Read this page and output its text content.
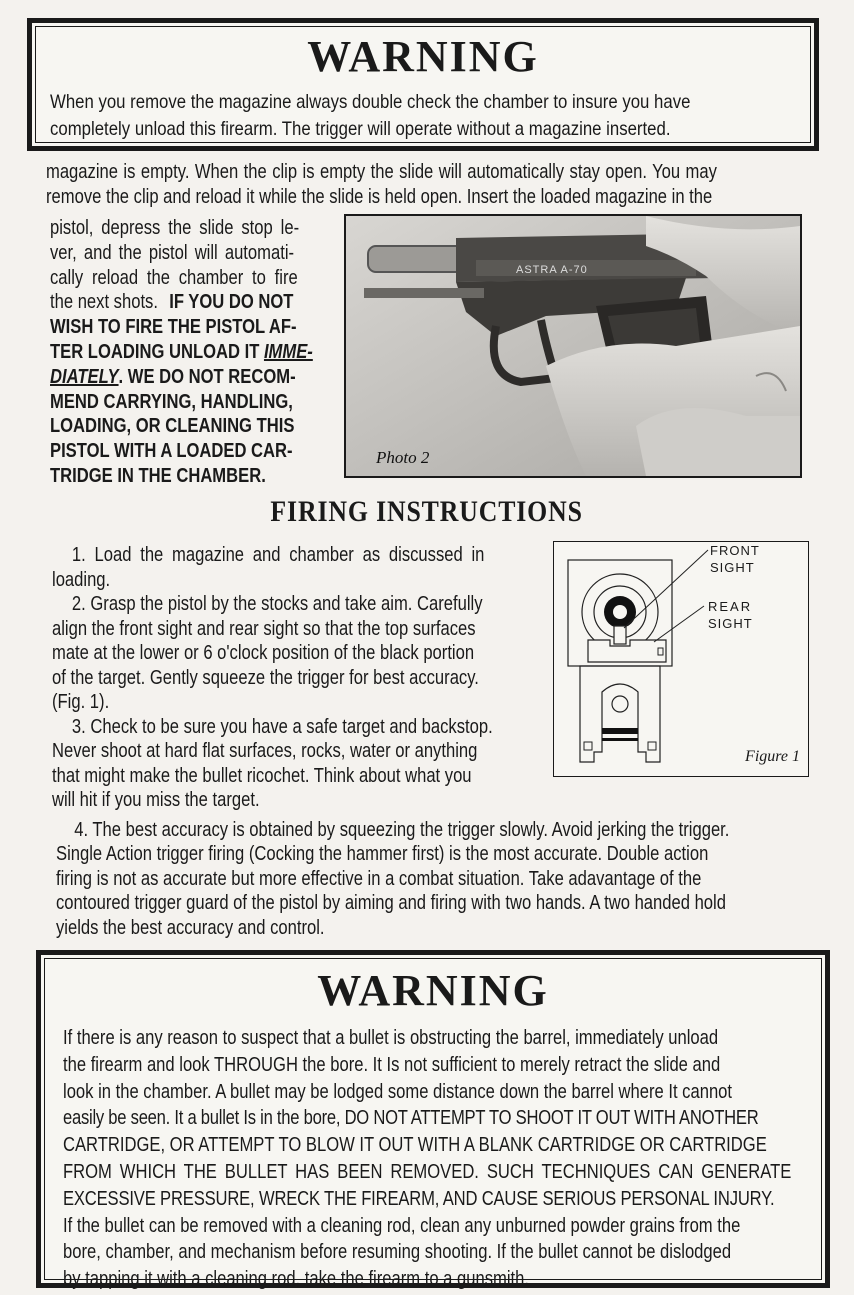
WARNING
When you remove the magazine always double check the chamber to insure you have
completely unload this firearm. The trigger will operate without a magazine inserted.
magazine is empty. When the clip is empty the slide will automatically stay open. You may
remove the clip and reload it while the slide is held open. Insert the loaded magazine in the
pistol, depress the slide stop le-
ver, and the pistol will automati-
cally reload the chamber to fire
the next shots. IF YOU DO NOT
WISH TO FIRE THE PISTOL AF-
TER LOADING UNLOAD IT IMME-
DIATELY. WE DO NOT RECOM-
MEND CARRYING, HANDLING,
LOADING, OR CLEANING THIS
PISTOL WITH A LOADED CAR-
TRIDGE IN THE CHAMBER.
ASTRA A-70
Photo 2
FIRING INSTRUCTIONS
1. Load the magazine and chamber as discussed in
loading.
2. Grasp the pistol by the stocks and take aim. Carefully
align the front sight and rear sight so that the top surfaces
mate at the lower or 6 o'clock position of the black portion
of the target. Gently squeeze the trigger for best accuracy.
(Fig. 1).
3. Check to be sure you have a safe target and backstop.
Never shoot at hard flat surfaces, rocks, water or anything
that might make the bullet ricochet. Think about what you
will hit if you miss the target.
FRONT SIGHT
REAR
SIGHT
Figure 1
4. The best accuracy is obtained by squeezing the trigger slowly. Avoid jerking the trigger.
Single Action trigger firing (Cocking the hammer first) is the most accurate. Double action
firing is not as accurate but more effective in a combat situation. Take adavantage of the
contoured trigger guard of the pistol by aiming and firing with two hands. A two handed hold
yields the best accuracy and control.
WARNING
If there is any reason to suspect that a bullet is obstructing the barrel, immediately unload
the firearm and look THROUGH the bore. It Is not sufficient to merely retract the slide and
look in the chamber. A bullet may be lodged some distance down the barrel where It cannot
easily be seen. It a bullet Is in the bore, DO NOT ATTEMPT TO SHOOT IT OUT WITH ANOTHER
CARTRIDGE, OR ATTEMPT TO BLOW IT OUT WITH A BLANK CARTRIDGE OR CARTRIDGE
FROM WHICH THE BULLET HAS BEEN REMOVED. SUCH TECHNIQUES CAN GENERATE
EXCESSIVE PRESSURE, WRECK THE FIREARM, AND CAUSE SERIOUS PERSONAL INJURY.
If the bullet can be removed with a cleaning rod, clean any unburned powder grains from the
bore, chamber, and mechanism before resuming shooting. If the bullet cannot be dislodged
by tapping it with a cleaning rod, take the firearm to a gunsmith.
